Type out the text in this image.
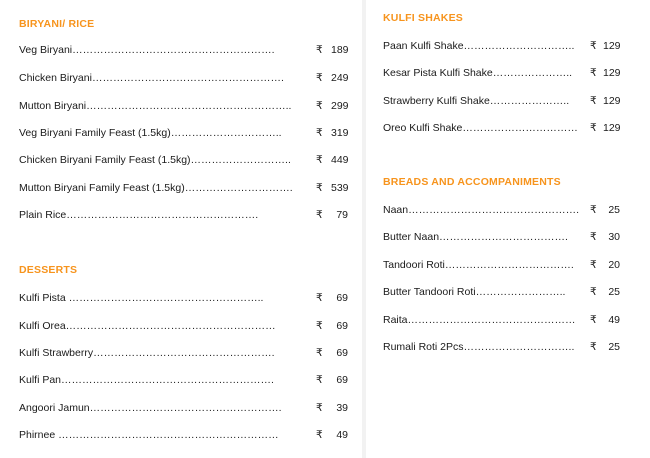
BIRYANI/ RICE
Veg Biryani………………………………………………….	₹ 189
Chicken Biryani……………………………………………….	₹ 249
Mutton Biryani………………………………………………….. ₹ 299
Veg Biryani Family Feast (1.5kg)…………………………..	₹ 319
Chicken Biryani Family Feast (1.5kg)……………………….. ₹ 449
Mutton Biryani Family Feast (1.5kg)…………………………. ₹ 539
Plain Rice……………………………………………….	₹	79
DESSERTS
Kulfi Pista ………………………………………………..	₹	69
Kulfi Orea……………………………………………………	₹	69
Kulfi Strawberry…………………………………………….	₹	69
Kulfi Pan…………………………………………………….	₹	69
Angoori Jamun……………………………………………….	₹	39
Phirnee ………………………………………………………	₹	49
KULFI SHAKES
Paan Kulfi Shake………………………….. ₹ 129
Kesar Pista Kulfi Shake………………….. ₹ 129
Strawberry Kulfi Shake………………….. ₹ 129
Oreo Kulfi Shake…………………………… ₹ 129
BREADS AND ACCOMPANIMENTS
Naan…………………………………………. ₹	25
Butter Naan………………………………. ₹	30
Tandoori Roti………………………………. ₹	20
Butter Tandoori Roti…………………….. ₹	25
Raita………………………………………… ₹	49
Rumali Roti 2Pcs………………………….. ₹	25
